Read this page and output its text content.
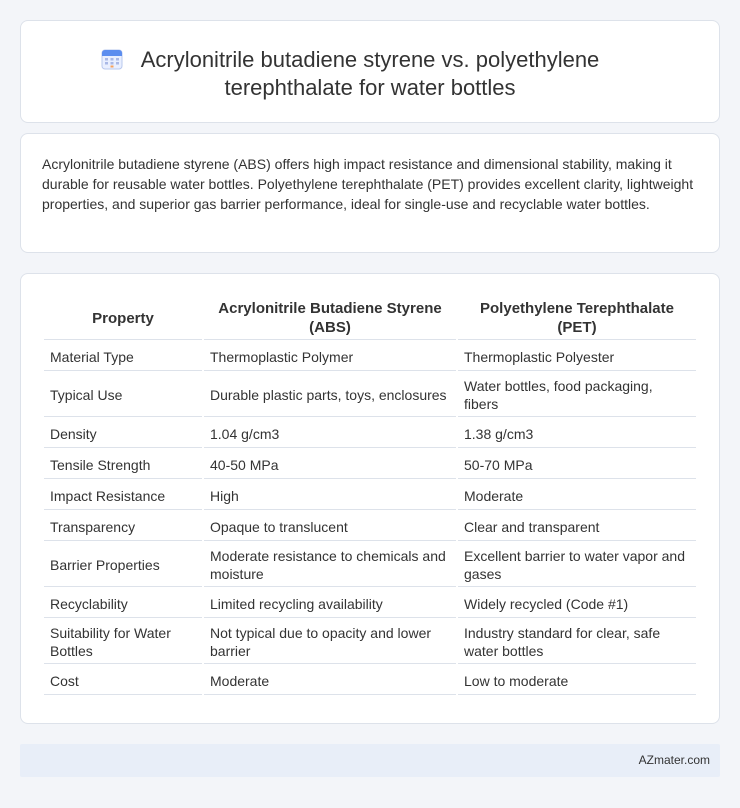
Acrylonitrile butadiene styrene vs. polyethylene terephthalate for water bottles

Acrylonitrile butadiene styrene (ABS) offers high impact resistance and dimensional stability, making it durable for reusable water bottles. Polyethylene terephthalate (PET) provides excellent clarity, lightweight properties, and superior gas barrier performance, ideal for single-use and recyclable water bottles.

Property	Acrylonitrile Butadiene Styrene (ABS)	Polyethylene Terephthalate (PET)
Material Type	Thermoplastic Polymer	Thermoplastic Polyester
Typical Use	Durable plastic parts, toys, enclosures	Water bottles, food packaging, fibers
Density	1.04 g/cm3	1.38 g/cm3
Tensile Strength	40-50 MPa	50-70 MPa
Impact Resistance	High	Moderate
Transparency	Opaque to translucent	Clear and transparent
Barrier Properties	Moderate resistance to chemicals and moisture	Excellent barrier to water vapor and gases
Recyclability	Limited recycling availability	Widely recycled (Code #1)
Suitability for Water Bottles	Not typical due to opacity and lower barrier	Industry standard for clear, safe water bottles
Cost	Moderate	Low to moderate
AZmater.com
